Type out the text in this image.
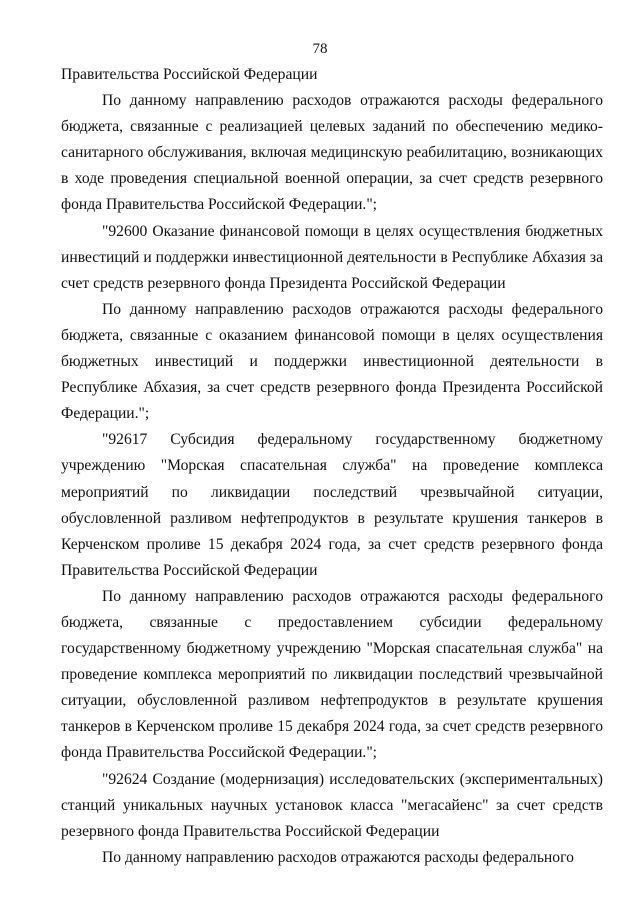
78

Правительства Российской Федерации

По данному направлению расходов отражаются расходы федерального бюджета, связанные с реализацией целевых заданий по обеспечению медико-санитарного обслуживания, включая медицинскую реабилитацию, возникающих в ходе проведения специальной военной операции, за счет средств резервного фонда Правительства Российской Федерации.";

"92600 Оказание финансовой помощи в целях осуществления бюджетных инвестиций и поддержки инвестиционной деятельности в Республике Абхазия за счет средств резервного фонда Президента Российской Федерации

По данному направлению расходов отражаются расходы федерального бюджета, связанные с оказанием финансовой помощи в целях осуществления бюджетных инвестиций и поддержки инвестиционной деятельности в Республике Абхазия, за счет средств резервного фонда Президента Российской Федерации.";

"92617 Субсидия федеральному государственному бюджетному учреждению "Морская спасательная служба" на проведение комплекса мероприятий по ликвидации последствий чрезвычайной ситуации, обусловленной разливом нефтепродуктов в результате крушения танкеров в Керченском проливе 15 декабря 2024 года, за счет средств резервного фонда Правительства Российской Федерации

По данному направлению расходов отражаются расходы федерального бюджета, связанные с предоставлением субсидии федеральному государственному бюджетному учреждению "Морская спасательная служба" на проведение комплекса мероприятий по ликвидации последствий чрезвычайной ситуации, обусловленной разливом нефтепродуктов в результате крушения танкеров в Керченском проливе 15 декабря 2024 года, за счет средств резервного фонда Правительства Российской Федерации.";

"92624 Создание (модернизация) исследовательских (экспериментальных) станций уникальных научных установок класса "мегасайенс" за счет средств резервного фонда Правительства Российской Федерации

По данному направлению расходов отражаются расходы федерального
